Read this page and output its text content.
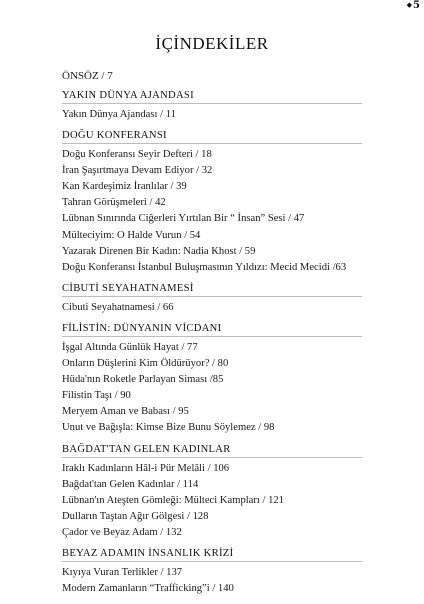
◆5
İÇİNDEKİLER
ÖNSÖZ / 7
YAKIN DÜNYA AJANDASI
Yakın Dünya Ajandası / 11
DOĞU KONFERANSI
Doğu Konferansı Seyir Defteri / 18
İran Şaşırtmaya Devam Ediyor / 32
Kan Kardeşimiz İranlılar / 39
Tahran Görüşmeleri / 42
Lübnan Sınırında Ciğerleri Yırtılan Bir “ İnsan” Sesi / 47
Mülteciyim: O Halde Vurun / 54
Yazarak Direnen Bir Kadın: Nadia Khost / 59
Doğu Konferansı İstanbul Buluşmasının Yıldızı: Mecid Mecidi /63
CİBUTİ SEYAHATNAMESİ
Cibuti Seyahatnamesi / 66
FİLİSTİN: DÜNYANIN VİCDANI
İşgal Altında Günlük Hayat / 77
Onların Düşlerini Kim Öldürüyor? / 80
Hüda'nın Roketle Parlayan Siması /85
Filistin Taşı / 90
Meryem Aman ve Babası / 95
Unut ve Bağışla: Kimse Bize Bunu Söylemez / 98
BAĞDAT'TAN GELEN KADINLAR
Iraklı Kadınların Hâl-i Pür Melâli / 106
Bağdat'tan Gelen Kadınlar / 114
Lübnan'ın Ateşten Gömleği: Mülteci Kampları / 121
Dulların Taştan Ağır Gölgesi / 128
Çador ve Beyaz Adam / 132
BEYAZ ADAMIN İNSANLIK KRİZİ
Kıyıya Vuran Terlikler / 137
Modern Zamanların “Trafficking”i / 140
